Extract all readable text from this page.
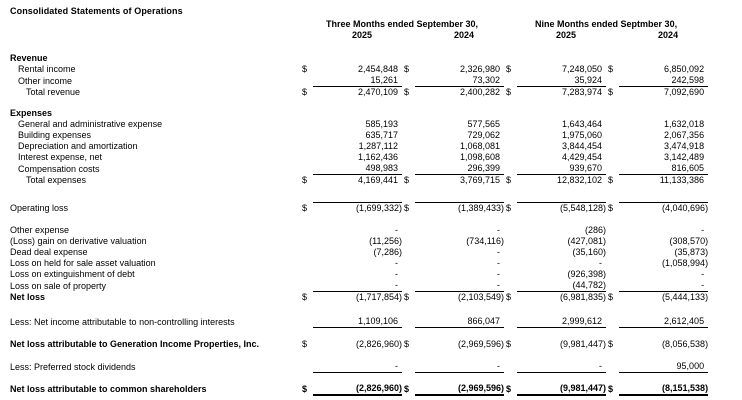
Consolidated Statements of Operations
	Three Months ended September 30,				Nine Months ended Septmber 30,				
	2025		2024		2025		2024		

Revenue									
Rental income	$	2,454,848	$	2,326,980	$	7,248,050	$	6,850,092	
Other income		15,261		73,302		35,924		242,598	
Total revenue	$	2,470,109	$	2,400,282	$	7,283,974	$	7,092,690	

Expenses									
General and administrative expense		585,193		577,565		1,643,464		1,632,018	
Building expenses		635,717		729,062		1,975,060		2,067,356	
Depreciation and amortization		1,287,112		1,068,081		3,844,454		3,474,918	
Interest expense, net		1,162,436		1,098,608		4,429,454		3,142,489	
Compensation costs		498,983		296,399		939,670		816,605	
Total expenses	$	4,169,441	$	3,769,715	$	12,832,102	$	11,133,386	

Operating loss	$	(1,699,332)	$	(1,389,433)	$	(5,548,128)	$	(4,040,696)	

Other expense		-		-		(286)		-	
(Loss) gain on derivative valuation		(11,256)		(734,116)		(427,081)		(308,570)	
Dead deal expense		(7,286)		-		(35,160)		(35,873)	
Loss on held for sale asset valuation		-		-		-		(1,058,994)	
Loss on extinguishment of debt		-		-		(926,398)		-	
Loss on sale of property		-		-		(44,782)		-	
Net loss	$	(1,717,854)	$	(2,103,549)	$	(6,981,835)	$	(5,444,133)	

Less: Net income attributable to non-controlling interests		1,109,106		866,047		2,999,612		2,612,405	

Net loss attributable to Generation Income Properties, Inc.	$	(2,826,960)	$	(2,969,596)	$	(9,981,447)	$	(8,056,538)	

Less: Preferred stock dividends		-		-		-		95,000	

Net loss attributable to common shareholders	$	(2,826,960)	$	(2,969,596)	$	(9,981,447)	$	(8,151,538)	
